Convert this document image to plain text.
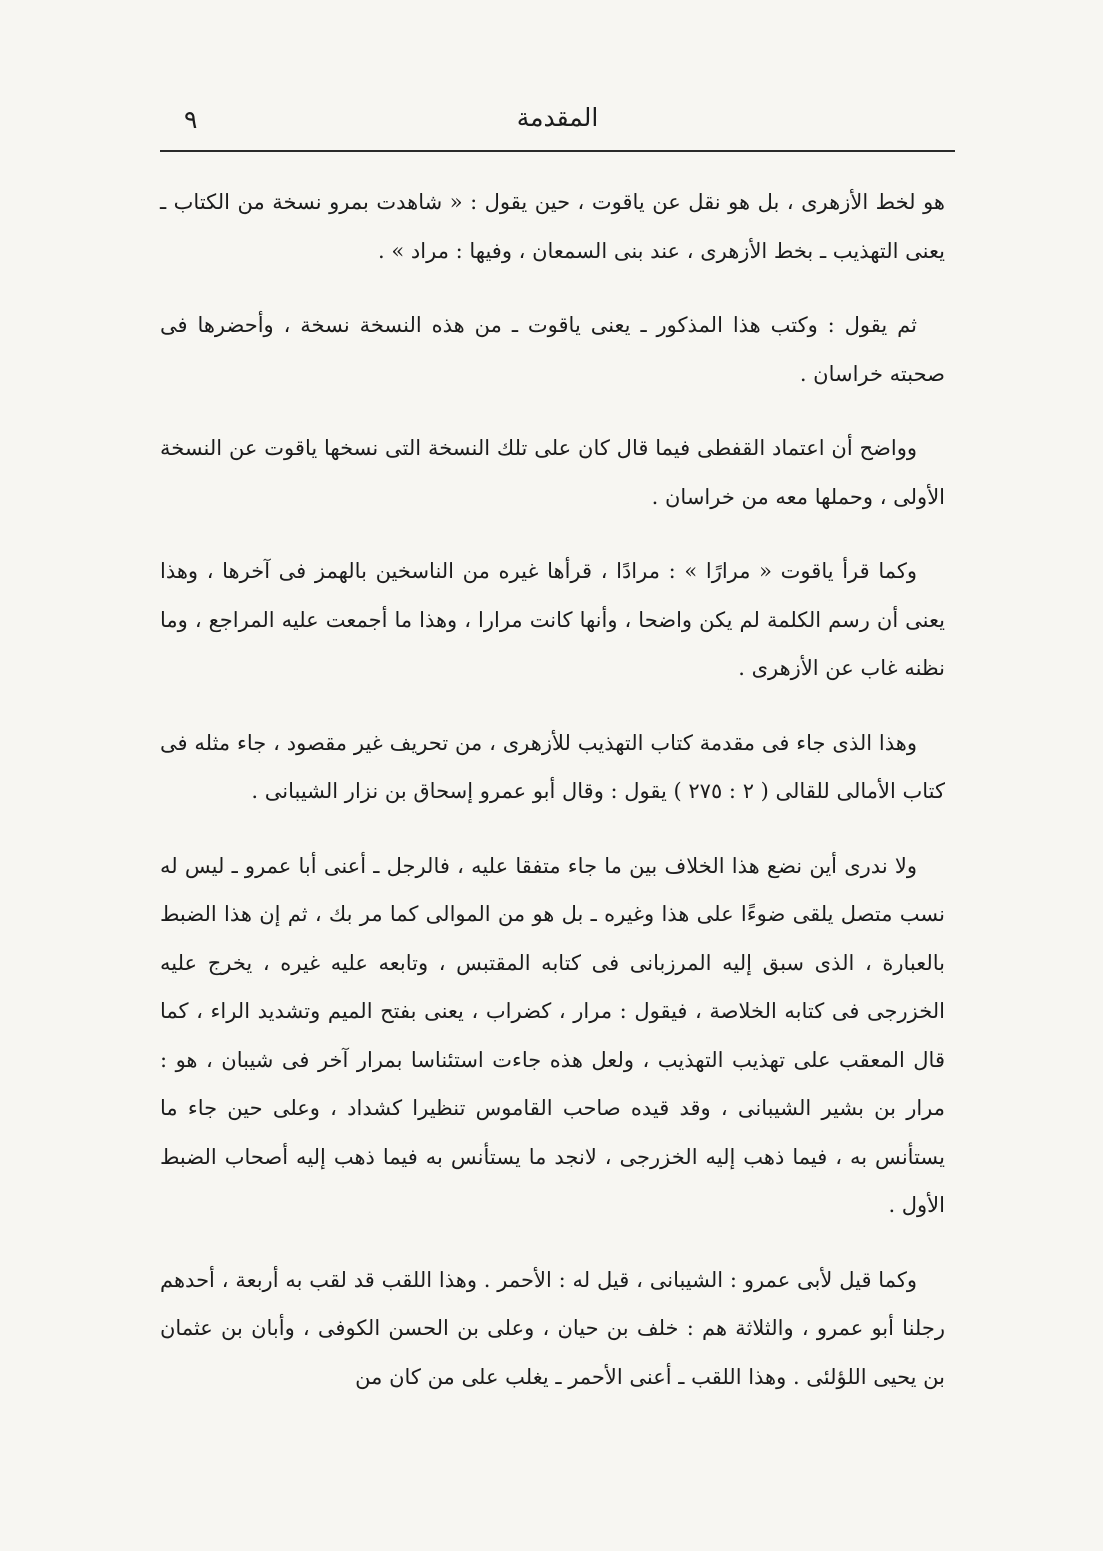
المقدمة
٩

هو لخط الأزهرى ، بل هو نقل عن ياقوت ، حين يقول : « شاهدت بمرو نسخة من الكتاب ـ يعنى التهذيب ـ بخط الأزهرى ، عند بنى السمعان ، وفيها : مراد » .

ثم يقول : وكتب هذا المذكور ـ يعنى ياقوت ـ من هذه النسخة نسخة ، وأحضرها فى صحبته خراسان .

وواضح أن اعتماد القفطى فيما قال كان على تلك النسخة التى نسخها ياقوت عن النسخة الأولى ، وحملها معه من خراسان .

وكما قرأ ياقوت « مرارًا » : مرادًا ، قرأها غيره من الناسخين بالهمز فى آخرها ، وهذا يعنى أن رسم الكلمة لم يكن واضحا ، وأنها كانت مرارا ، وهذا ما أجمعت عليه المراجع ، وما نظنه غاب عن الأزهرى .

وهذا الذى جاء فى مقدمة كتاب التهذيب للأزهرى ، من تحريف غير مقصود ، جاء مثله فى كتاب الأمالى للقالى ( ٢ : ٢٧٥ ) يقول : وقال أبو عمرو إسحاق بن نزار الشيبانى .

ولا ندرى أين نضع هذا الخلاف بين ما جاء متفقا عليه ، فالرجل ـ أعنى أبا عمرو ـ ليس له نسب متصل يلقى ضوءًا على هذا وغيره ـ بل هو من الموالى كما مر بك ، ثم إن هذا الضبط بالعبارة ، الذى سبق إليه المرزبانى فى كتابه المقتبس ، وتابعه عليه غيره ، يخرج عليه الخزرجى فى كتابه الخلاصة ، فيقول : مرار ، كضراب ، يعنى بفتح الميم وتشديد الراء ، كما قال المعقب على تهذيب التهذيب ، ولعل هذه جاءت استئناسا بمرار آخر فى شيبان ، هو : مرار بن بشير الشيبانى ، وقد قيده صاحب القاموس تنظيرا كشداد ، وعلى حين جاء ما يستأنس به ، فيما ذهب إليه الخزرجى ، لانجد ما يستأنس به فيما ذهب إليه أصحاب الضبط الأول .

وكما قيل لأبى عمرو : الشيبانى ، قيل له : الأحمر . وهذا اللقب قد لقب به أربعة ، أحدهم رجلنا أبو عمرو ، والثلاثة هم : خلف بن حيان ، وعلى بن الحسن الكوفى ، وأبان بن عثمان بن يحيى اللؤلئى . وهذا اللقب ـ أعنى الأحمر ـ يغلب على من كان من
